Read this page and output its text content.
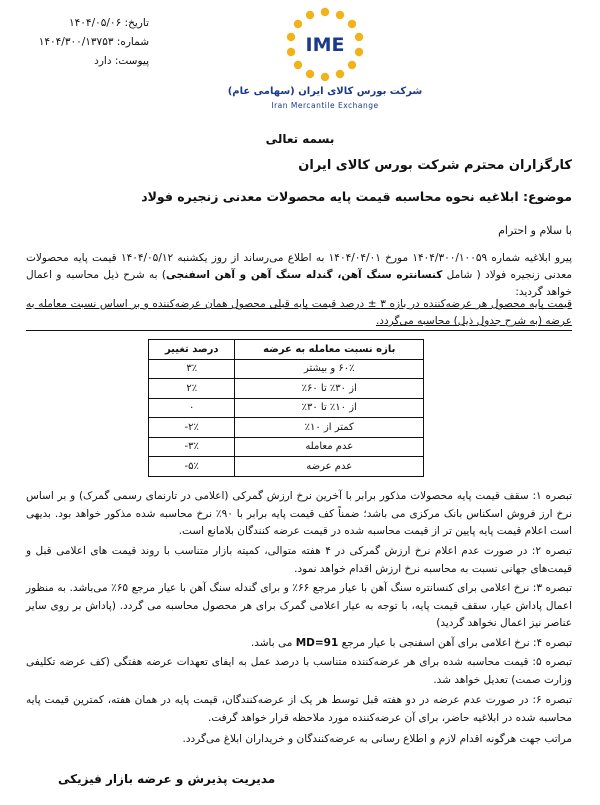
تاریخ: ۱۴۰۴/۰۵/۰۶
شماره: ۱۴۰۴/۳۰۰/۱۳۷۵۳
پیوست: دارد
IME
شرکت بورس کالای ایران (سهامی عام)
Iran Mercantile Exchange
بسمه تعالی
کارگزاران محترم شرکت بورس کالای ایران
موضوع: ابلاغیه نحوه محاسبه قیمت پایه محصولات معدنی زنجیره فولاد
با سلام و احترام
پیرو ابلاغیه شماره ۱۴۰۴/۳۰۰/۱۰۰۵۹ مورخ ۱۴۰۴/۰۴/۰۱ به اطلاع می‌رساند از روز یکشنبه ۱۴۰۴/۰۵/۱۲ قیمت پایه محصولات معدنی زنجیره فولاد ( شامل کنسانتره سنگ آهن، گندله سنگ آهن و آهن اسفنجی) به شرح ذیل محاسبه و اعمال خواهد گردید:
قیمت پایه محصول هر عرضه‌کننده در بازه ۳ ± درصد قیمت پایه قبلی محصول همان عرضه‌کننده و بر اساس نسبت معامله به عرضه (به شرح جدول ذیل) محاسبه می‌گردد.
بازه نسبت معامله به عرضه	درصد تغییر
۶۰٪ و بیشتر	۳٪
از ۳۰٪ تا ۶۰٪	۲٪
از ۱۰٪ تا ۳۰٪	۰
کمتر از ۱۰٪	۲٪-
عدم معامله	۳٪-
عدم عرضه	۵٪-
تبصره ۱: سقف قیمت پایه محصولات مذکور برابر با آخرین نرخ ارزش گمرکی (اعلامی در تارنمای رسمی گمرک) و بر اساس نرخ ارز فروش اسکناس بانک مرکزی می باشد؛ ضمناً کف قیمت پایه برابر با ۹۰٪ نرخ محاسبه شده مذکور خواهد بود. بدیهی است اعلام قیمت پایه پایین تر از قیمت محاسبه شده در قیمت عرضه کنندگان بلامانع است.
تبصره ۲: در صورت عدم اعلام نرخ ارزش گمرکی در ۴ هفته متوالی، کمیته بازار متناسب با روند قیمت های اعلامی قبل و قیمت‌های جهانی نسبت به محاسبه نرخ ارزش اقدام خواهد نمود.
تبصره ۳: نرخ اعلامی برای کنسانتره سنگ آهن با عیار مرجع ۶۶٪ و برای گندله سنگ آهن با عیار مرجع ۶۵٪ می‌باشد. به منظور اعمال پاداش عیار، سقف قیمت پایه، با توجه به عیار اعلامی گمرک برای هر محصول محاسبه می گردد. (پاداش بر روی سایر عناصر نیز اعمال نخواهد گردید)
تبصره ۴: نرخ اعلامی برای آهن اسفنجی با عیار مرجع MD=91 می باشد.
تبصره ۵: قیمت محاسبه شده برای هر عرضه‌کننده متناسب با درصد عمل به ایفای تعهدات عرضه هفتگی (کف عرضه تکلیفی وزارت صمت) تعدیل خواهد شد.
تبصره ۶: در صورت عدم عرضه در دو هفته قبل توسط هر یک از عرضه‌کنندگان، قیمت پایه در همان هفته، کمترین قیمت پایه محاسبه شده در ابلاغیه حاضر، برای آن عرضه‌کننده مورد ملاحظه قرار خواهد گرفت.
مراتب جهت هرگونه اقدام لازم و اطلاع رسانی به عرضه‌کنندگان و خریداران ابلاغ می‌گردد.
مدیریت پذیرش و عرضه بازار فیزیکی
